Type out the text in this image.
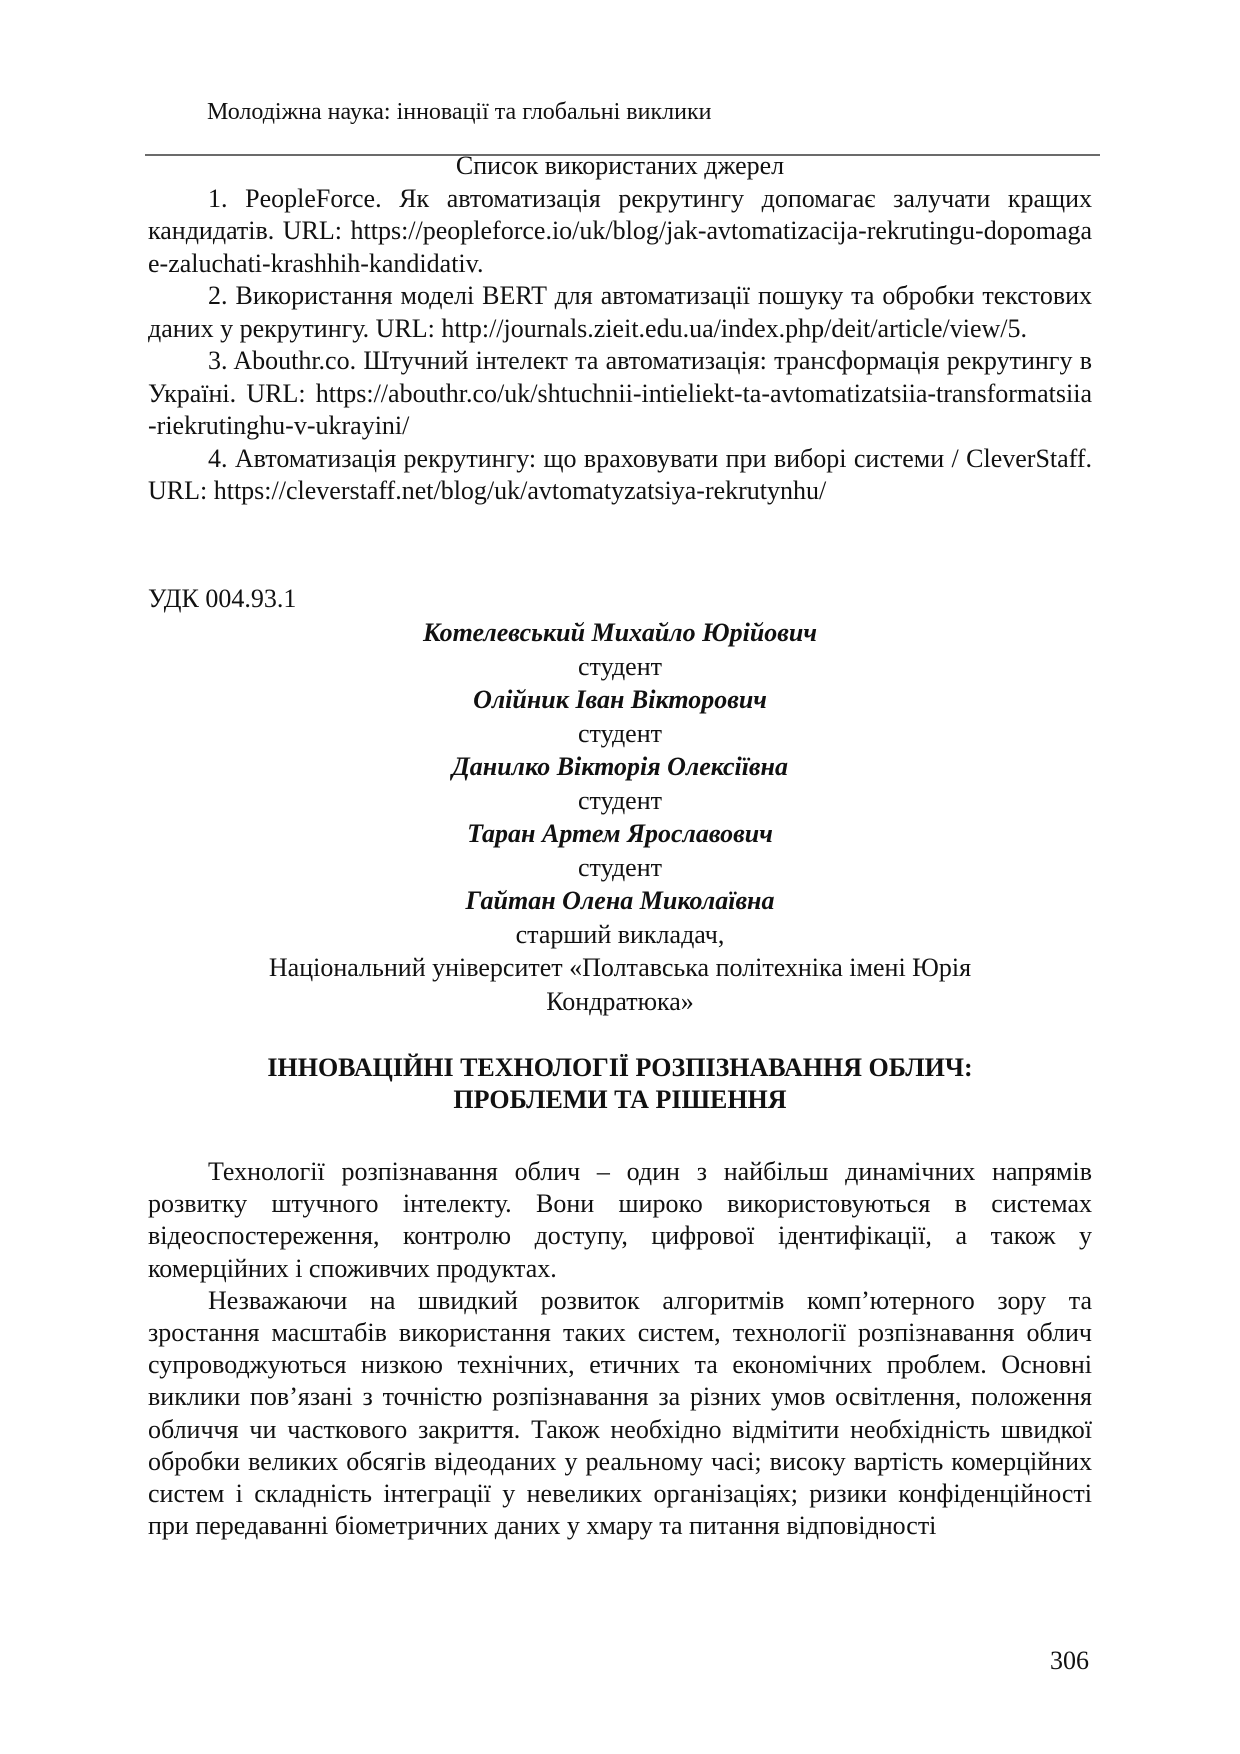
Молодіжна наука: інновації та глобальні виклики
Список використаних джерел

1. PeopleForce. Як автоматизація рекрутингу допомагає залучати кращих кандидатів. URL: https://peopleforce.io/uk/blog/jak-avtomatizacija-rekrutingu-dopomagae-zaluchati-krashhih-kandidativ.

2. Використання моделі BERT для автоматизації пошуку та обробки текстових даних у рекрутингу. URL: http://journals.zieit.edu.ua/index.php/deit/article/view/5.

3. Abouthr.co. Штучний інтелект та автоматизація: трансформація рекрутингу в Україні. URL: https://abouthr.co/uk/shtuchnii-intieliekt-ta-avtomatizatsiia-transformatsiia-riekrutinghu-v-ukrayini/

4. Автоматизація рекрутингу: що враховувати при виборі системи / CleverStaff. URL: https://cleverstaff.net/blog/uk/avtomatyzatsiya-rekrutynhu/

УДК 004.93.1
Котелевський Михайло Юрійович
студент
Олійник Іван Вікторович
студент
Данилко Вікторія Олексіївна
студент
Таран Артем Ярославович
студент
Гайтан Олена Миколаївна
старший викладач,
Національний університет «Полтавська політехніка імені Юрія
Кондратюка»
ІННОВАЦІЙНІ ТЕХНОЛОГІЇ РОЗПІЗНАВАННЯ ОБЛИЧ:
ПРОБЛЕМИ ТА РІШЕННЯ

Технології розпізнавання облич – один з найбільш динамічних напрямів розвитку штучного інтелекту. Вони широко використовуються в системах відеоспостереження, контролю доступу, цифрової ідентифікації, а також у комерційних і споживчих продуктах.

Незважаючи на швидкий розвиток алгоритмів комп’ютерного зору та зростання масштабів використання таких систем, технології розпізнавання облич супроводжуються низкою технічних, етичних та економічних проблем. Основні виклики пов’язані з точністю розпізнавання за різних умов освітлення, положення обличчя чи часткового закриття. Також необхідно відмітити необхідність швидкої обробки великих обсягів відеоданих у реальному часі; високу вартість комерційних систем і складність інтеграції у невеликих організаціях; ризики конфіденційності при передаванні біометричних даних у хмару та питання відповідності

306
